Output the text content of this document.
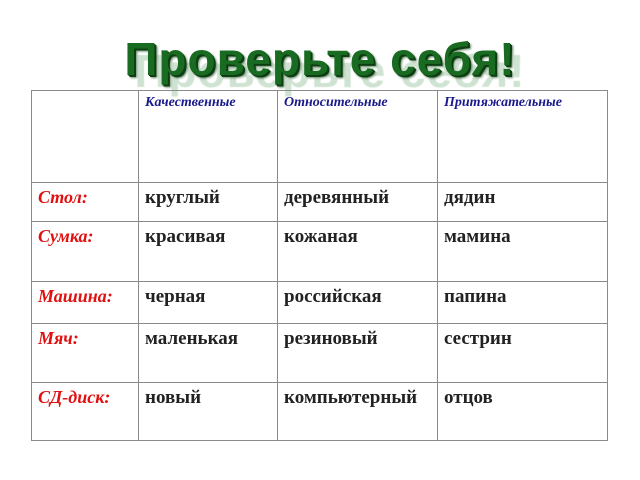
Проверьте себя!
	Качественные	Относительные	Притяжательные
Стол:	круглый	деревянный	дядин
Сумка:	красивая	кожаная	мамина
Машина:	черная	российская	папина
Мяч:	маленькая	резиновый	сестрин
СД-диск:	новый	компьютерный	отцов
